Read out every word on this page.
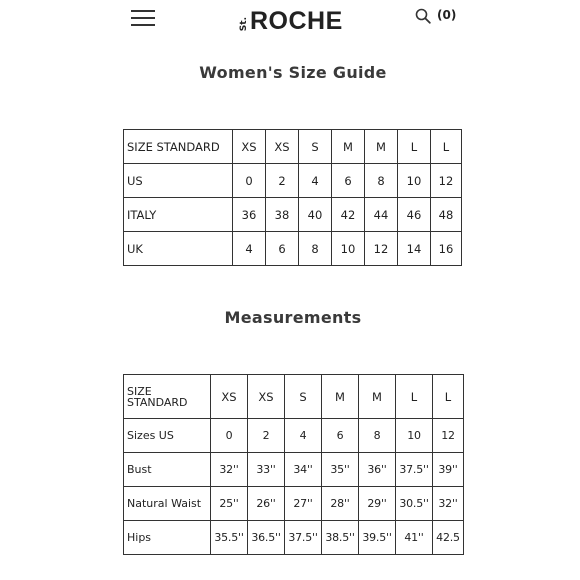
St. ROCHE	(0)
Women's Size Guide
SIZE STANDARD	XS	XS	S	M	M	L	L
US	0	2	4	6	8	10	12
ITALY	36	38	40	42	44	46	48
UK	4	6	8	10	12	14	16
Measurements
SIZE
STANDARD	XS	XS	S	M	M	L	L
Sizes US	0	2	4	6	8	10	12
Bust	32''	33''	34''	35''	36''	37.5''	39''
Natural Waist	25''	26''	27''	28''	29''	30.5''	32''
Hips	35.5''	36.5''	37.5''	38.5''	39.5''	41''	42.5
